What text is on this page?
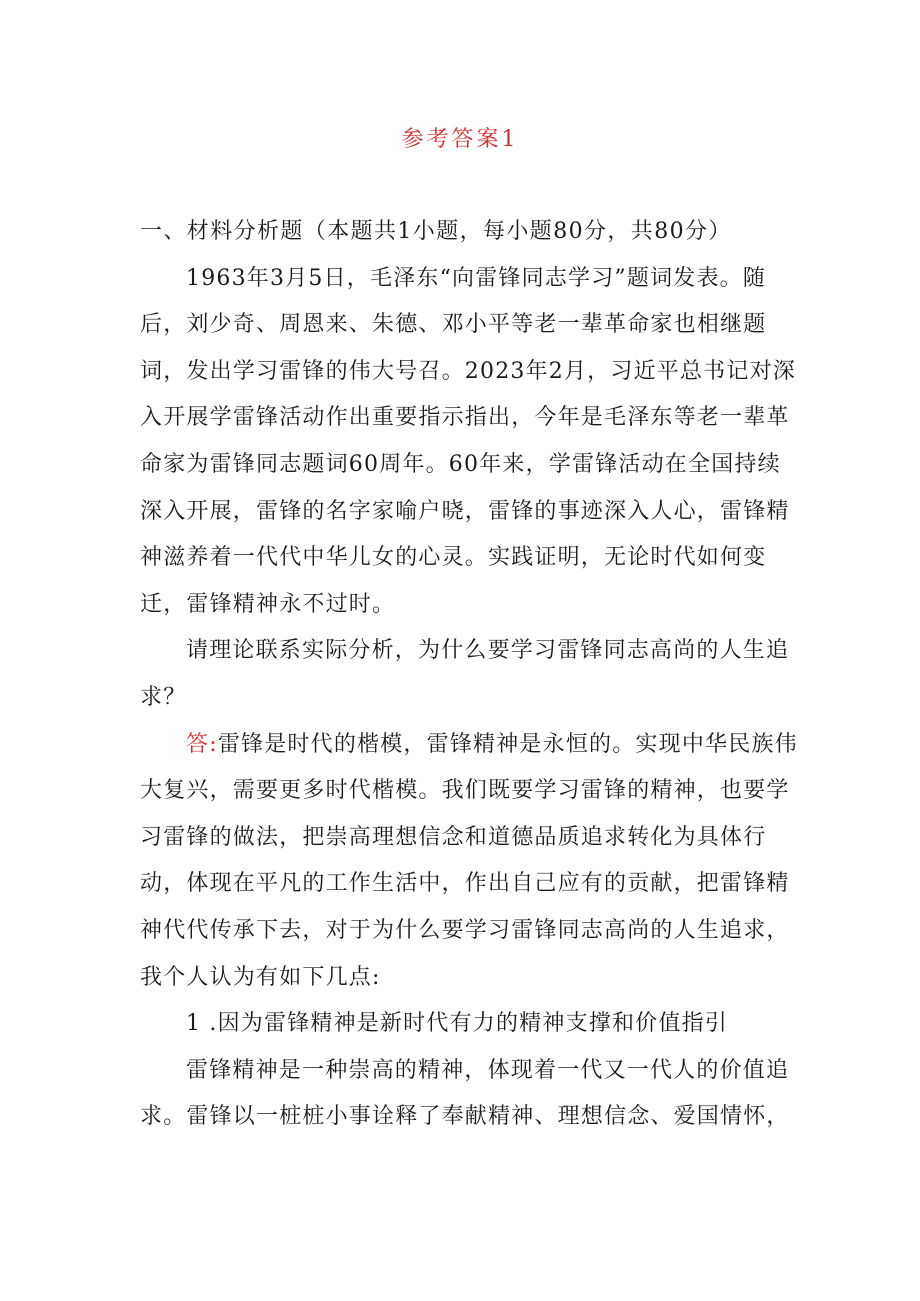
参考答案1

一、材料分析题（本题共1小题，每小题80分，共80分）

1963年3月5日，毛泽东“向雷锋同志学习”题词发表。随后，刘少奇、周恩来、朱德、邓小平等老一辈革命家也相继题词，发出学习雷锋的伟大号召。2023年2月，习近平总书记对深入开展学雷锋活动作出重要指示指出，今年是毛泽东等老一辈革命家为雷锋同志题词60周年。60年来，学雷锋活动在全国持续深入开展，雷锋的名字家喻户晓，雷锋的事迹深入人心，雷锋精神滋养着一代代中华儿女的心灵。实践证明，无论时代如何变迁，雷锋精神永不过时。

请理论联系实际分析，为什么要学习雷锋同志高尚的人生追求？

答:雷锋是时代的楷模，雷锋精神是永恒的。实现中华民族伟大复兴，需要更多时代楷模。我们既要学习雷锋的精神，也要学习雷锋的做法，把崇高理想信念和道德品质追求转化为具体行动，体现在平凡的工作生活中，作出自己应有的贡献，把雷锋精神代代传承下去，对于为什么要学习雷锋同志高尚的人生追求，我个人认为有如下几点:

1 .因为雷锋精神是新时代有力的精神支撑和价值指引

雷锋精神是一种崇高的精神，体现着一代又一代人的价值追求。雷锋以一桩桩小事诠释了奉献精神、理想信念、爱国情怀，
